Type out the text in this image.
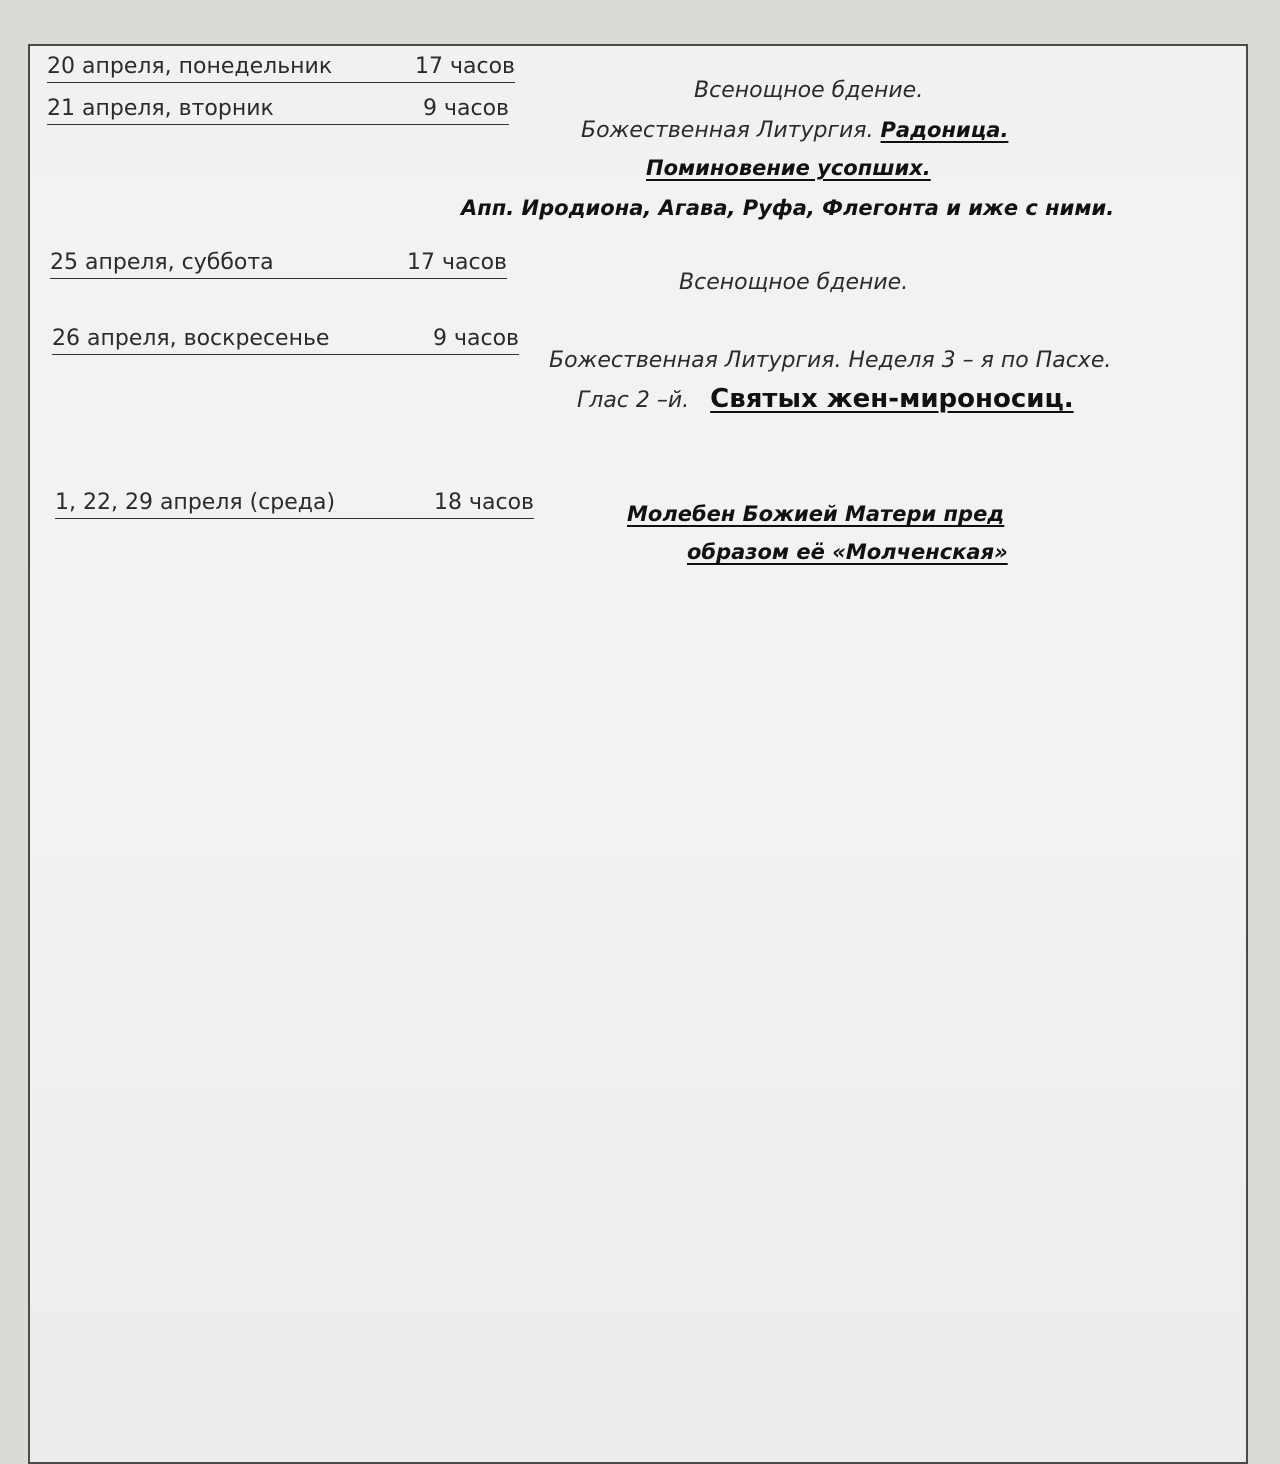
20 апреля, понедельник	17 часов
Всенощное бдение.
21 апреля, вторник	9 часов
Божественная Литургия. Радоница.
Поминовение усопших.
Апп. Иродиона, Агава, Руфа, Флегонта и иже с ними.
25 апреля, суббота	17 часов
Всенощное бдение.
26 апреля, воскресенье	9 часов
Божественная Литургия. Неделя 3 – я по Пасхе.
Глас 2 –й. Святых жен-мироносиц.
1, 22, 29 апреля (среда)	18 часов	Молебен Божией Матери пред
образом её «Молченская»
